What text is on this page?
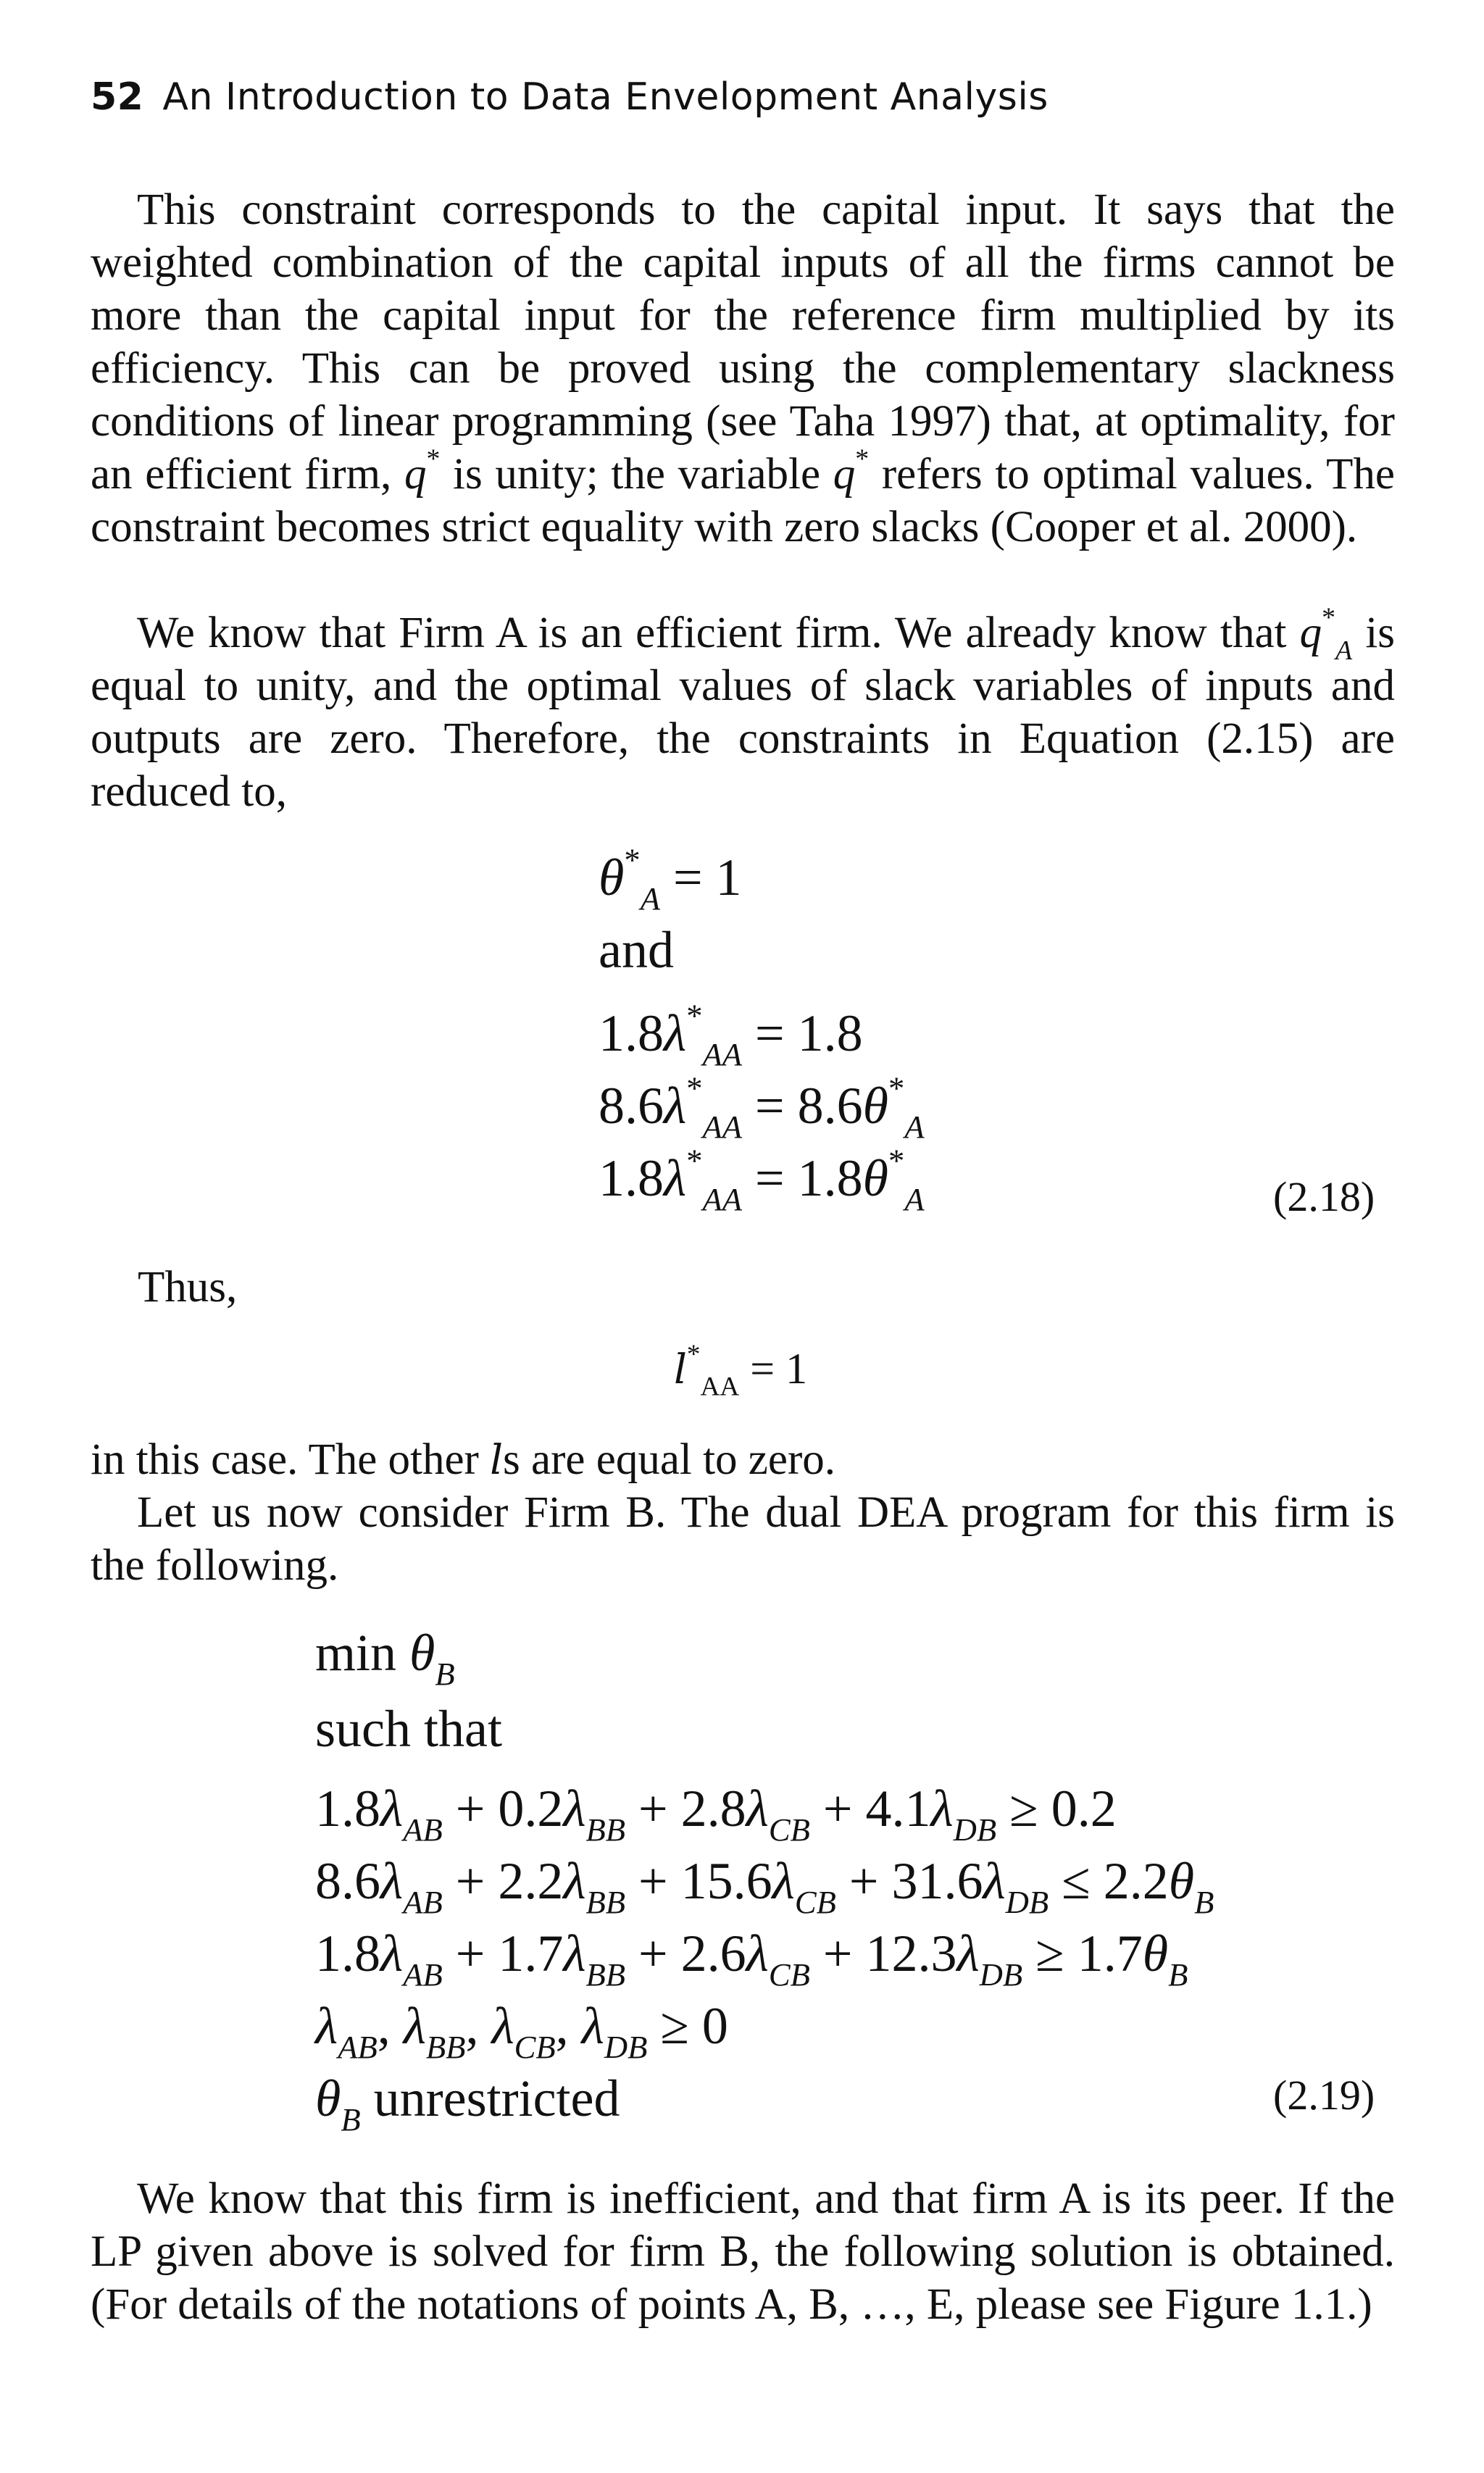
52 An Introduction to Data Envelopment Analysis
This constraint corresponds to the capital input. It says that the weighted combination of the capital inputs of all the firms cannot be more than the capital input for the reference firm multiplied by its efficiency. This can be proved using the complementary slackness conditions of linear programming (see Taha 1997) that, at optimality, for an efficient firm, q* is unity; the variable q* refers to optimal values. The constraint becomes strict equality with zero slacks (Cooper et al. 2000).
We know that Firm A is an efficient firm. We already know that $q^*_A$ is equal to unity, and the optimal values of slack variables of inputs and outputs are zero. Therefore, the constraints in Equation (2.15) are reduced to,
$\theta^*_A = 1$
and
$1.8\lambda^*_{AA} = 1.8$
$8.6\lambda^*_{AA} = 8.6\theta^*_A$
$1.8\lambda^*_{AA} = 1.8\theta^*_A$	(2.18)
Thus,
$l^*_{AA} = 1$
in this case. The other ls are equal to zero.
Let us now consider Firm B. The dual DEA program for this firm is the following.
$\min \theta_B$
such that
$1.8\lambda_{AB} + 0.2\lambda_{BB} + 2.8\lambda_{CB} + 4.1\lambda_{DB} \ge 0.2$
$8.6\lambda_{AB} + 2.2\lambda_{BB} + 15.6\lambda_{CB} + 31.6\lambda_{DB} \le 2.2\theta_B$
$1.8\lambda_{AB} + 1.7\lambda_{BB} + 2.6\lambda_{CB} + 12.3\lambda_{DB} \ge 1.7\theta_B$
$\lambda_{AB}$, $\lambda_{BB}$, $\lambda_{CB}$, $\lambda_{DB} \ge 0$
$\theta_B$ unrestricted	(2.19)
We know that this firm is inefficient, and that firm A is its peer. If the LP given above is solved for firm B, the following solution is obtained. (For details of the notations of points A, B, …, E, please see Figure 1.1.)
